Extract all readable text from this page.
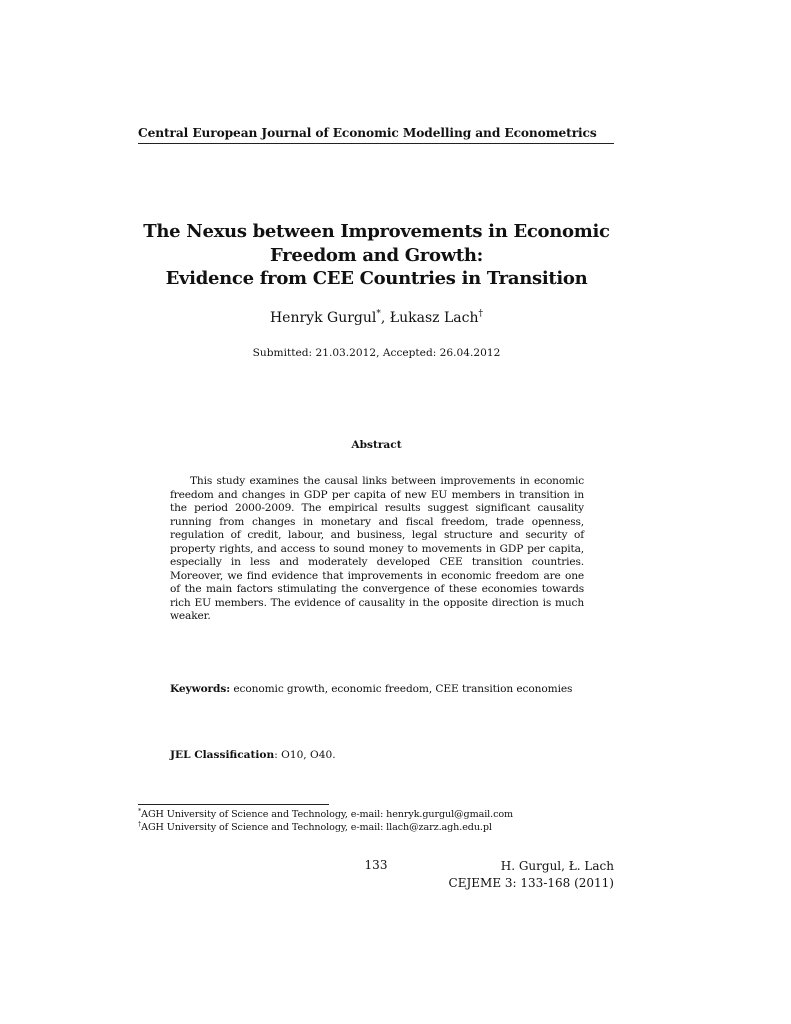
Central European Journal of Economic Modelling and Econometrics
The Nexus between Improvements in Economic
Freedom and Growth:
Evidence from CEE Countries in Transition
Henryk Gurgul*, Łukasz Lach†
Submitted: 21.03.2012, Accepted: 26.04.2012
Abstract
This study examines the causal links between improvements in economic freedom and changes in GDP per capita of new EU members in transition in the period 2000-2009. The empirical results suggest significant causality running from changes in monetary and fiscal freedom, trade openness, regulation of credit, labour, and business, legal structure and security of property rights, and access to sound money to movements in GDP per capita, especially in less and moderately developed CEE transition countries. Moreover, we find evidence that improvements in economic freedom are one of the main factors stimulating the convergence of these economies towards rich EU members. The evidence of causality in the opposite direction is much weaker.
Keywords: economic growth, economic freedom, CEE transition economies
JEL Classification: O10, O40.
*AGH University of Science and Technology, e-mail: henryk.gurgul@gmail.com
†AGH University of Science and Technology, e-mail: llach@zarz.agh.edu.pl
133	H. Gurgul, Ł. Lach
CEJEME 3: 133-168 (2011)
